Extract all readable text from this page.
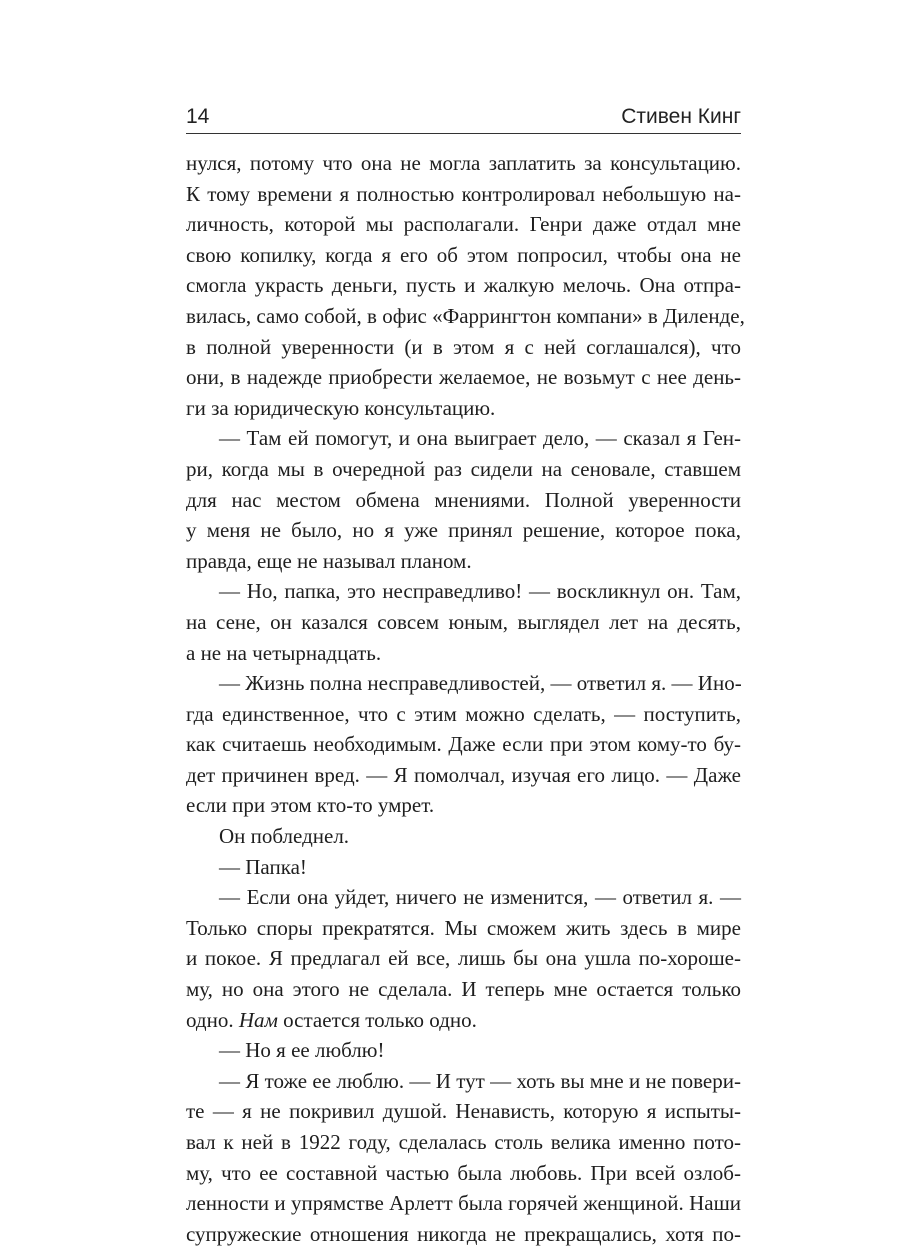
14	Стивен Кинг
нулся, потому что она не могла заплатить за консультацию.
К тому времени я полностью контролировал небольшую на-
личность, которой мы располагали. Генри даже отдал мне
свою копилку, когда я его об этом попросил, чтобы она не
смогла украсть деньги, пусть и жалкую мелочь. Она отпра-
вилась, само собой, в офис «Фаррингтон компани» в Диленде,
в полной уверенности (и в этом я с ней соглашался), что
они, в надежде приобрести желаемое, не возьмут с нее день-
ги за юридическую консультацию.
— Там ей помогут, и она выиграет дело, — сказал я Ген-
ри, когда мы в очередной раз сидели на сеновале, ставшем
для нас местом обмена мнениями. Полной уверенности
у меня не было, но я уже принял решение, которое пока,
правда, еще не называл планом.
— Но, папка, это несправедливо! — воскликнул он. Там,
на сене, он казался совсем юным, выглядел лет на десять,
а не на четырнадцать.
— Жизнь полна несправедливостей, — ответил я. — Ино-
гда единственное, что с этим можно сделать, — поступить,
как считаешь необходимым. Даже если при этом кому-то бу-
дет причинен вред. — Я помолчал, изучая его лицо. — Даже
если при этом кто-то умрет.
Он побледнел.
— Папка!
— Если она уйдет, ничего не изменится, — ответил я. —
Только споры прекратятся. Мы сможем жить здесь в мире
и покое. Я предлагал ей все, лишь бы она ушла по-хороше-
му, но она этого не сделала. И теперь мне остается только
одно. Нам остается только одно.
— Но я ее люблю!
— Я тоже ее люблю. — И тут — хоть вы мне и не повери-
те — я не покривил душой. Ненависть, которую я испыты-
вал к ней в 1922 году, сделалась столь велика именно пото-
му, что ее составной частью была любовь. При всей озлоб-
ленности и упрямстве Арлетт была горячей женщиной. Наши
супружеские отношения никогда не прекращались, хотя по-
